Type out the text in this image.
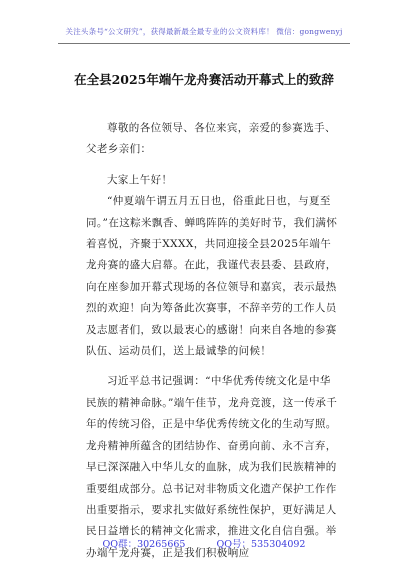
关注头条号“公文研究”，获得最新最全最专业的公文资料库！ 微信：gongwenyj
在全县2025年端午龙舟赛活动开幕式上的致辞

尊敬的各位领导、各位来宾，亲爱的参赛选手、父老乡亲们：

大家上午好！

“仲夏端午谓五月五日也，俗重此日也，与夏至同。”在这粽米飘香、蝉鸣阵阵的美好时节，我们满怀着喜悦，齐聚于XXXX，共同迎接全县2025年端午龙舟赛的盛大启幕。在此，我谨代表县委、县政府，向在座参加开幕式现场的各位领导和嘉宾，表示最热烈的欢迎！向为筹备此次赛事，不辞辛劳的工作人员及志愿者们，致以最衷心的感谢！向来自各地的参赛队伍、运动员们，送上最诚挚的问候！

习近平总书记强调：“中华优秀传统文化是中华民族的精神命脉。”端午佳节，龙舟竞渡，这一传承千年的传统习俗，正是中华优秀传统文化的生动写照。龙舟精神所蕴含的团结协作、奋勇向前、永不言弃，早已深深融入中华儿女的血脉，成为我们民族精神的重要组成部分。总书记对非物质文化遗产保护工作作出重要指示，要求扎实做好系统性保护，更好满足人民日益增长的精神文化需求，推进文化自信自强。举办端午龙舟赛，正是我们积极响应

QQ群：30265665	QQ号：535304092
